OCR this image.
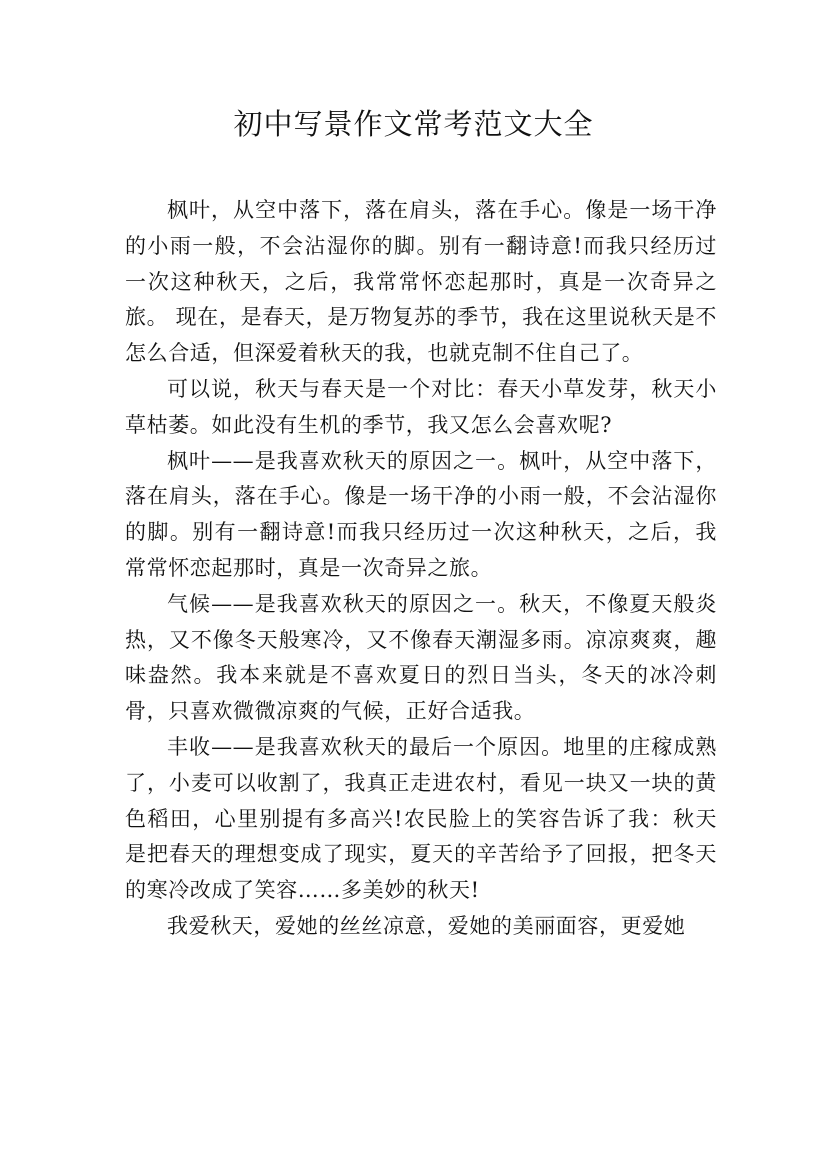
初中写景作文常考范文大全

枫叶，从空中落下，落在肩头，落在手心。像是一场干净的小雨一般，不会沾湿你的脚。别有一翻诗意!而我只经历过一次这种秋天，之后，我常常怀恋起那时，真是一次奇异之旅。 现在，是春天，是万物复苏的季节，我在这里说秋天是不怎么合适，但深爱着秋天的我，也就克制不住自己了。

可以说，秋天与春天是一个对比：春天小草发芽，秋天小草枯萎。如此没有生机的季节，我又怎么会喜欢呢?

枫叶——是我喜欢秋天的原因之一。枫叶，从空中落下，落在肩头，落在手心。像是一场干净的小雨一般，不会沾湿你的脚。别有一翻诗意!而我只经历过一次这种秋天，之后，我常常怀恋起那时，真是一次奇异之旅。

气候——是我喜欢秋天的原因之一。秋天，不像夏天般炎热，又不像冬天般寒冷，又不像春天潮湿多雨。凉凉爽爽，趣味盎然。我本来就是不喜欢夏日的烈日当头，冬天的冰冷刺骨，只喜欢微微凉爽的气候，正好合适我。

丰收——是我喜欢秋天的最后一个原因。地里的庄稼成熟了，小麦可以收割了，我真正走进农村，看见一块又一块的黄色稻田，心里别提有多高兴!农民脸上的笑容告诉了我：秋天是把春天的理想变成了现实，夏天的辛苦给予了回报，把冬天的寒冷改成了笑容……多美妙的秋天!

我爱秋天，爱她的丝丝凉意，爱她的美丽面容，更爱她
